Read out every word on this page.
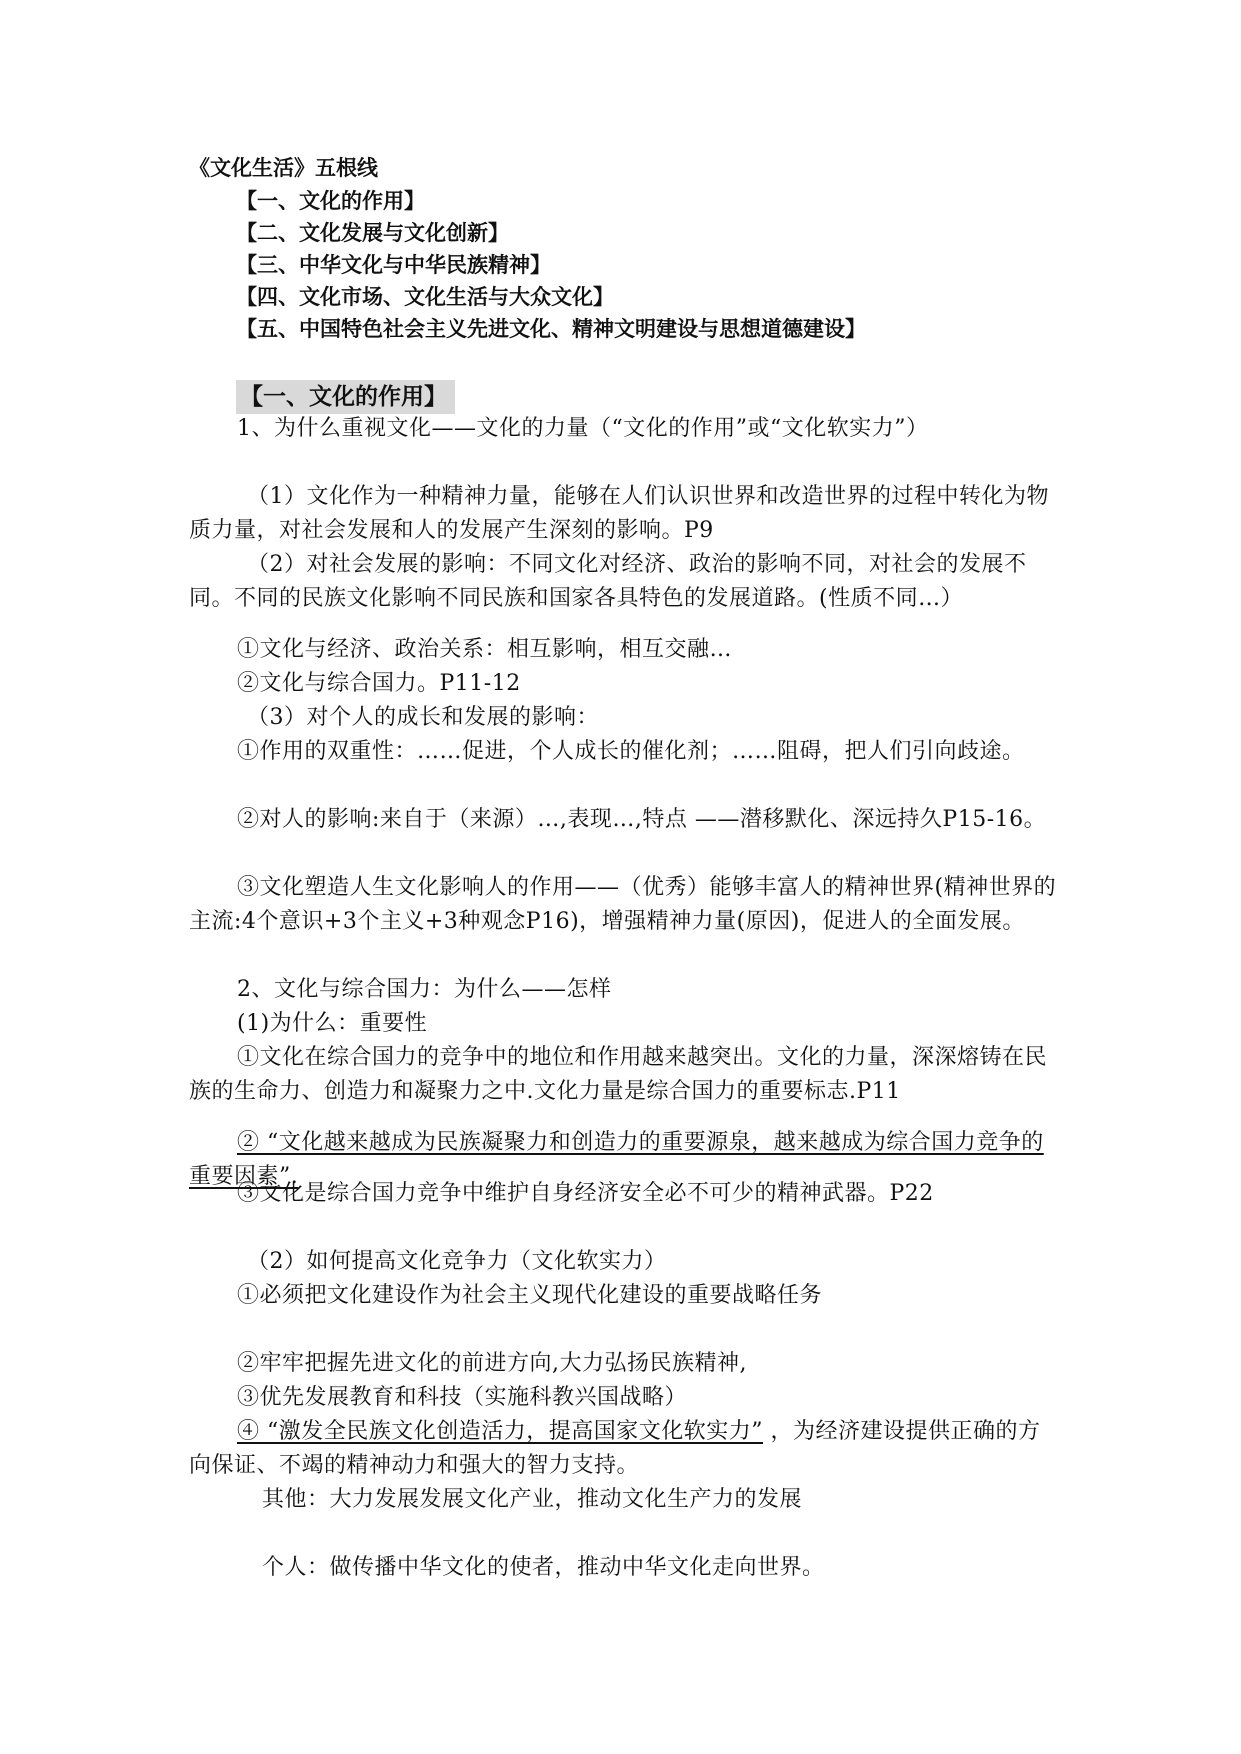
《文化生活》五根线
【一、文化的作用】
【二、文化发展与文化创新】
【三、中华文化与中华民族精神】
【四、文化市场、文化生活与大众文化】
【五、中国特色社会主义先进文化、精神文明建设与思想道德建设】
【一、文化的作用】
1、为什么重视文化——文化的力量（“文化的作用”或“文化软实力”）
（1）文化作为一种精神力量，能够在人们认识世界和改造世界的过程中转化为物质力量，对社会发展和人的发展产生深刻的影响。P9
（2）对社会发展的影响：不同文化对经济、政治的影响不同，对社会的发展不同。不同的民族文化影响不同民族和国家各具特色的发展道路。(性质不同…）
①文化与经济、政治关系：相互影响，相互交融…
②文化与综合国力。P11-12
（3）对个人的成长和发展的影响：
①作用的双重性：……促进，个人成长的催化剂；……阻碍，把人们引向歧途。
②对人的影响:来自于（来源）…,表现…,特点 ——潜移默化、深远持久P15-16。
③文化塑造人生文化影响人的作用——（优秀）能够丰富人的精神世界(精神世界的主流:4个意识+3个主义+3种观念P16)，增强精神力量(原因)，促进人的全面发展。
2、文化与综合国力：为什么——怎样
(1)为什么：重要性
①文化在综合国力的竞争中的地位和作用越来越突出。文化的力量，深深熔铸在民族的生命力、创造力和凝聚力之中.文化力量是综合国力的重要标志.P11
② “文化越来越成为民族凝聚力和创造力的重要源泉，越来越成为综合国力竞争的重要因素”.
③文化是综合国力竞争中维护自身经济安全必不可少的精神武器。P22
（2）如何提高文化竞争力（文化软实力）
①必须把文化建设作为社会主义现代化建设的重要战略任务
②牢牢把握先进文化的前进方向,大力弘扬民族精神,
③优先发展教育和科技（实施科教兴国战略）
④ “激发全民族文化创造活力，提高国家文化软实力” ，为经济建设提供正确的方向保证、不竭的精神动力和强大的智力支持。
其他：大力发展发展文化产业，推动文化生产力的发展
个人：做传播中华文化的使者，推动中华文化走向世界。
